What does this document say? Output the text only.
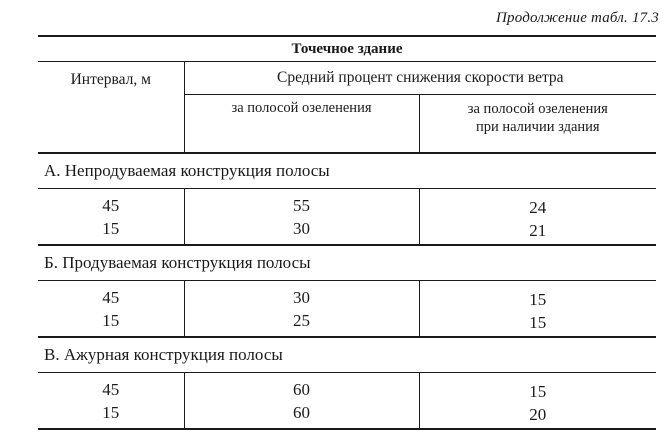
Продолжение табл. 17.3
Точечное здание		
Интервал, м	Средний процент снижения скорости ветра	
	за полосой озеленения	за полосой озеленения
при наличии здания
А. Непродуваемая конструкция полосы		
45	55	24
15	30	21
Б. Продуваемая конструкция полосы		
45	30	15
15	25	15
В. Ажурная конструкция полосы		
45	60	15
15	60	20
